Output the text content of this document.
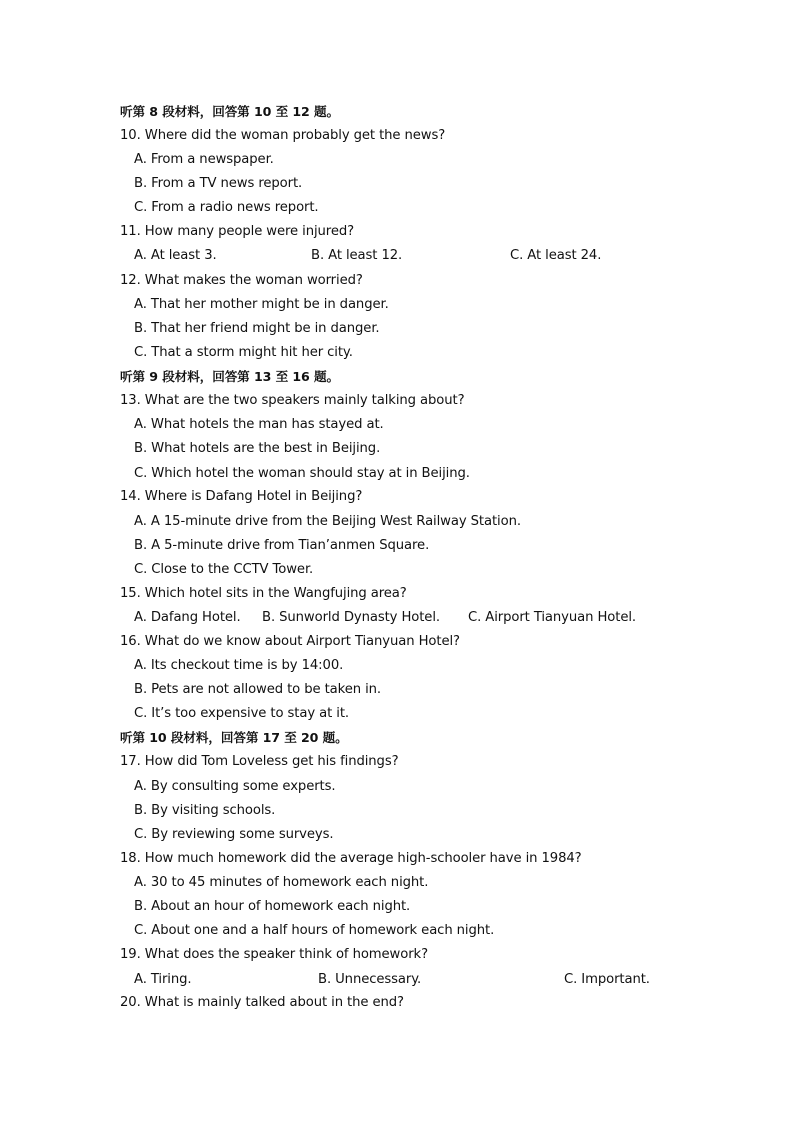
听第 8 段材料，回答第 10 至 12 题。
10. Where did the woman probably get the news?
A. From a newspaper.
B. From a TV news report.
C. From a radio news report.
11. How many people were injured?
A. At least 3.	B. At least 12.	C. At least 24.
12. What makes the woman worried?
A. That her mother might be in danger.
B. That her friend might be in danger.
C. That a storm might hit her city.
听第 9 段材料，回答第 13 至 16 题。
13. What are the two speakers mainly talking about?
A. What hotels the man has stayed at.
B. What hotels are the best in Beijing.
C. Which hotel the woman should stay at in Beijing.
14. Where is Dafang Hotel in Beijing?
A. A 15-minute drive from the Beijing West Railway Station.
B. A 5-minute drive from Tian’anmen Square.
C. Close to the CCTV Tower.
15. Which hotel sits in the Wangfujing area?
A. Dafang Hotel. B. Sunworld Dynasty Hotel. C. Airport Tianyuan Hotel.
16. What do we know about Airport Tianyuan Hotel?
A. Its checkout time is by 14:00.
B. Pets are not allowed to be taken in.
C. It’s too expensive to stay at it.
听第 10 段材料，回答第 17 至 20 题。
17. How did Tom Loveless get his findings?
A. By consulting some experts.
B. By visiting schools.
C. By reviewing some surveys.
18. How much homework did the average high-schooler have in 1984?
A. 30 to 45 minutes of homework each night.
B. About an hour of homework each night.
C. About one and a half hours of homework each night.
19. What does the speaker think of homework?
A. Tiring.	B. Unnecessary.	C. Important.
20. What is mainly talked about in the end?
